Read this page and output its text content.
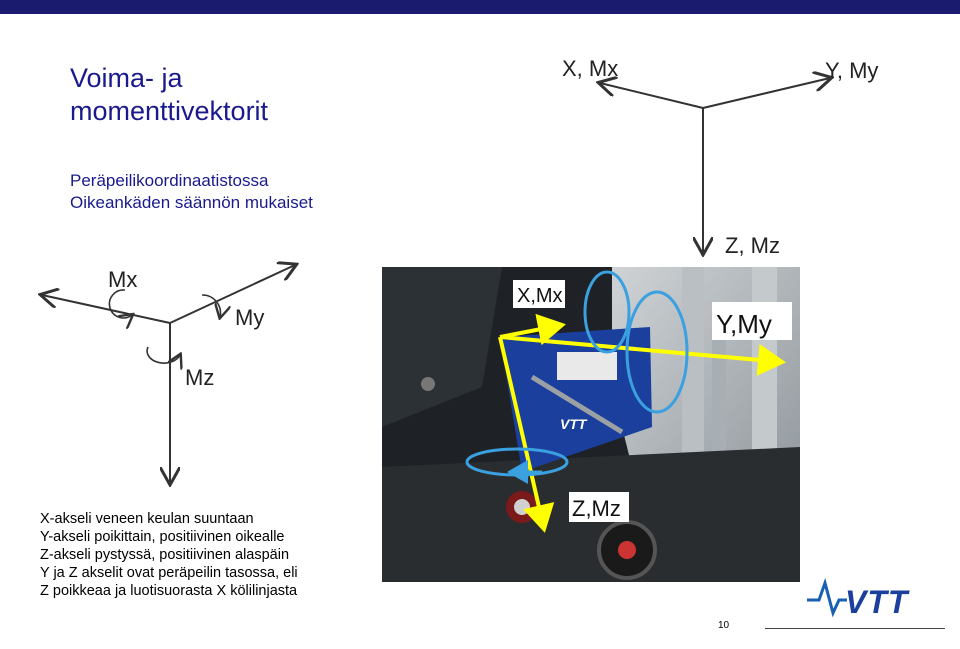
Voima- ja
momenttivektorit
Peräpeilikoordinaatistossa
Oikeankäden säännön mukaiset
X, Mx	Y, My
Z, Mz
Mx
My
Mz
VTT
X,Mx
Y,My
Z,Mz
X-akseli veneen keulan suuntaan
Y-akseli poikittain, positiivinen oikealle
Z-akseli pystyssä, positiivinen alaspäin
Y ja Z akselit ovat peräpeilin tasossa, eli
Z poikkeaa ja luotisuorasta X kölilinjasta	VTT
10
